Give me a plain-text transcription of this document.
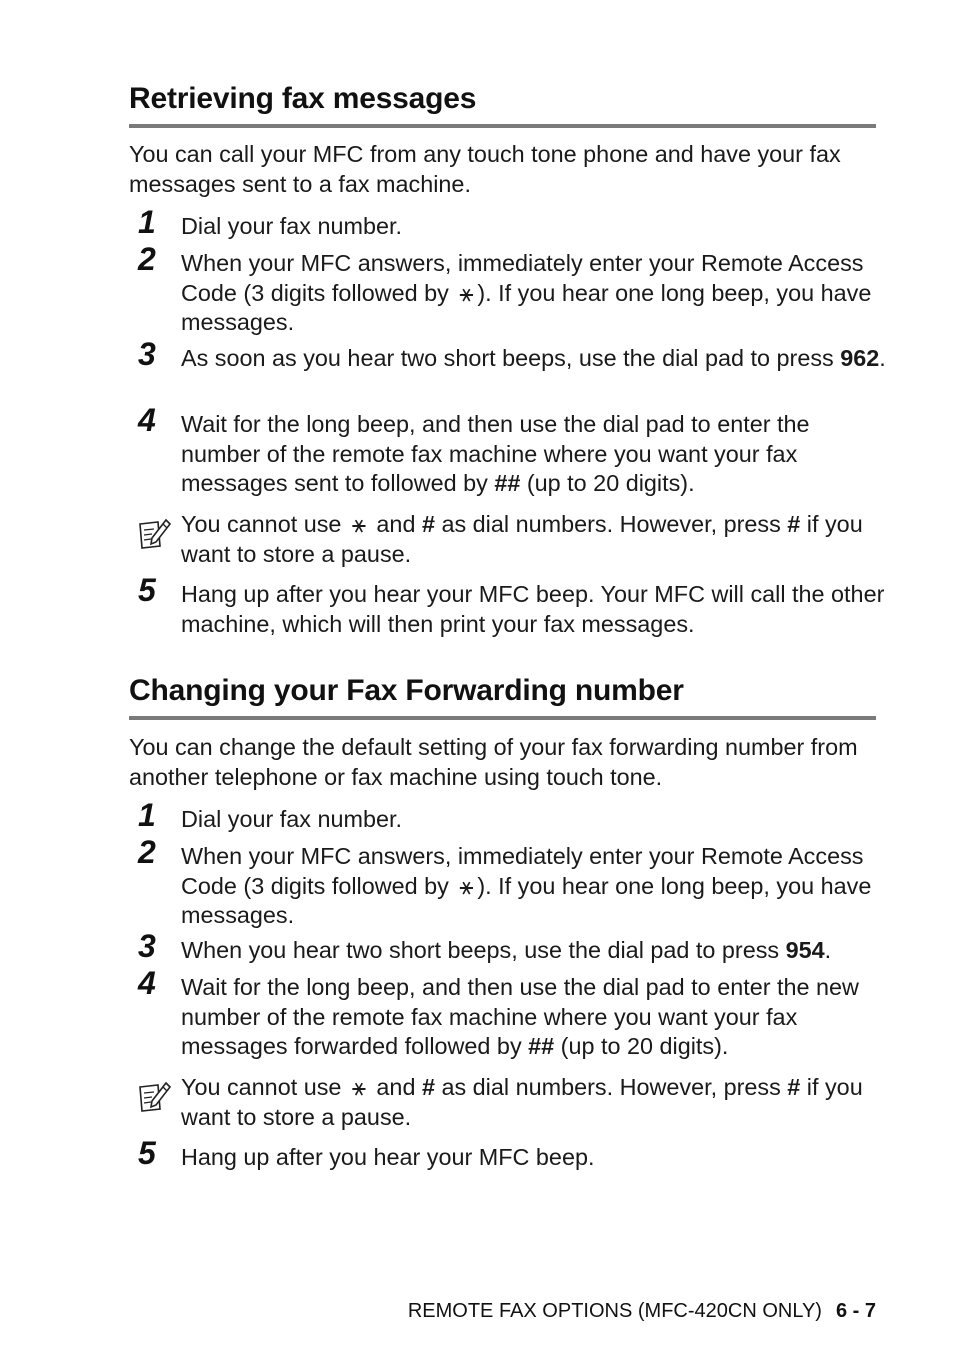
Retrieving fax messages

You can call your MFC from any touch tone phone and have your fax messages sent to a fax machine.

1	Dial your fax number.

2	When your MFC answers, immediately enter your Remote Access Code (3 digits followed by ⚹ ). If you hear one long beep, you have messages.

3	As soon as you hear two short beeps, use the dial pad to press 962.

4	Wait for the long beep, and then use the dial pad to enter the number of the remote fax machine where you want your fax messages sent to followed by ## (up to 20 digits).

You cannot use ⚹ and # as dial numbers. However, press # if you want to store a pause.

5	Hang up after you hear your MFC beep. Your MFC will call the other machine, which will then print your fax messages.

Changing your Fax Forwarding number

You can change the default setting of your fax forwarding number from another telephone or fax machine using touch tone.

1	Dial your fax number.

2	When your MFC answers, immediately enter your Remote Access Code (3 digits followed by ⚹ ). If you hear one long beep, you have messages.

3	When you hear two short beeps, use the dial pad to press 954.

4	Wait for the long beep, and then use the dial pad to enter the new number of the remote fax machine where you want your fax messages forwarded followed by ## (up to 20 digits).

You cannot use ⚹ and # as dial numbers. However, press # if you want to store a pause.

5	Hang up after you hear your MFC beep.

REMOTE FAX OPTIONS (MFC-420CN ONLY) 6 - 7
